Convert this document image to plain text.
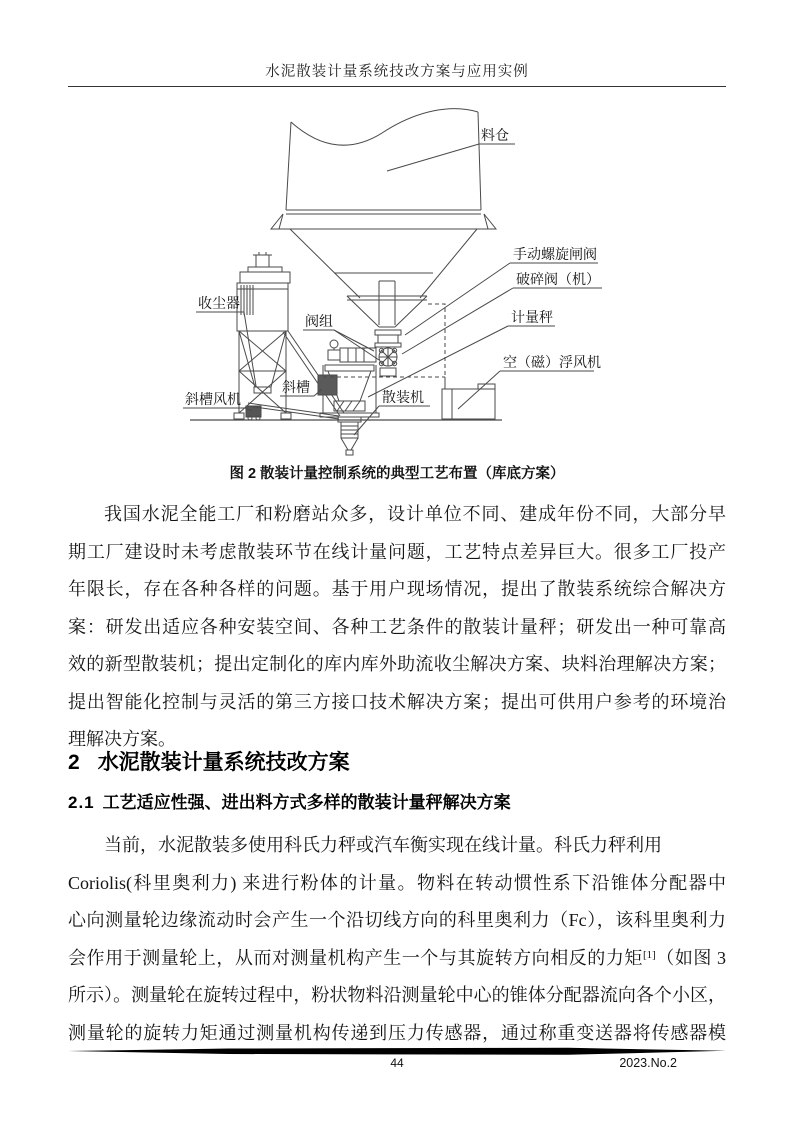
水泥散装计量系统技改方案与应用实例
料仓
手动螺旋闸阀
破碎阀（机）
计量秤
空（磁）浮风机
收尘器
阀组
斜槽风机
斜槽
散装机
图 2 散装计量控制系统的典型工艺布置（库底方案）
我国水泥全能工厂和粉磨站众多，设计单位不同、建成年份不同，大部分早
期工厂建设时未考虑散装环节在线计量问题，工艺特点差异巨大。很多工厂投产
年限长，存在各种各样的问题。基于用户现场情况，提出了散装系统综合解决方
案：研发出适应各种安装空间、各种工艺条件的散装计量秤；研发出一种可靠高
效的新型散装机；提出定制化的库内库外助流收尘解决方案、块料治理解决方案；
提出智能化控制与灵活的第三方接口技术解决方案；提出可供用户参考的环境治
理解决方案。
2 水泥散装计量系统技改方案
2.1 工艺适应性强、进出料方式多样的散装计量秤解决方案
当前，水泥散装多使用科氏力秤或汽车衡实现在线计量。科氏力秤利用
Coriolis(科里奥利力) 来进行粉体的计量。物料在转动惯性系下沿锥体分配器中
心向测量轮边缘流动时会产生一个沿切线方向的科里奥利力（Fc），该科里奥利力
会作用于测量轮上，从而对测量机构产生一个与其旋转方向相反的力矩[1]（如图 3
所示）。测量轮在旋转过程中，粉状物料沿测量轮中心的锥体分配器流向各个小区，
测量轮的旋转力矩通过测量机构传递到压力传感器，通过称重变送器将传感器模
44	2023.No.2
